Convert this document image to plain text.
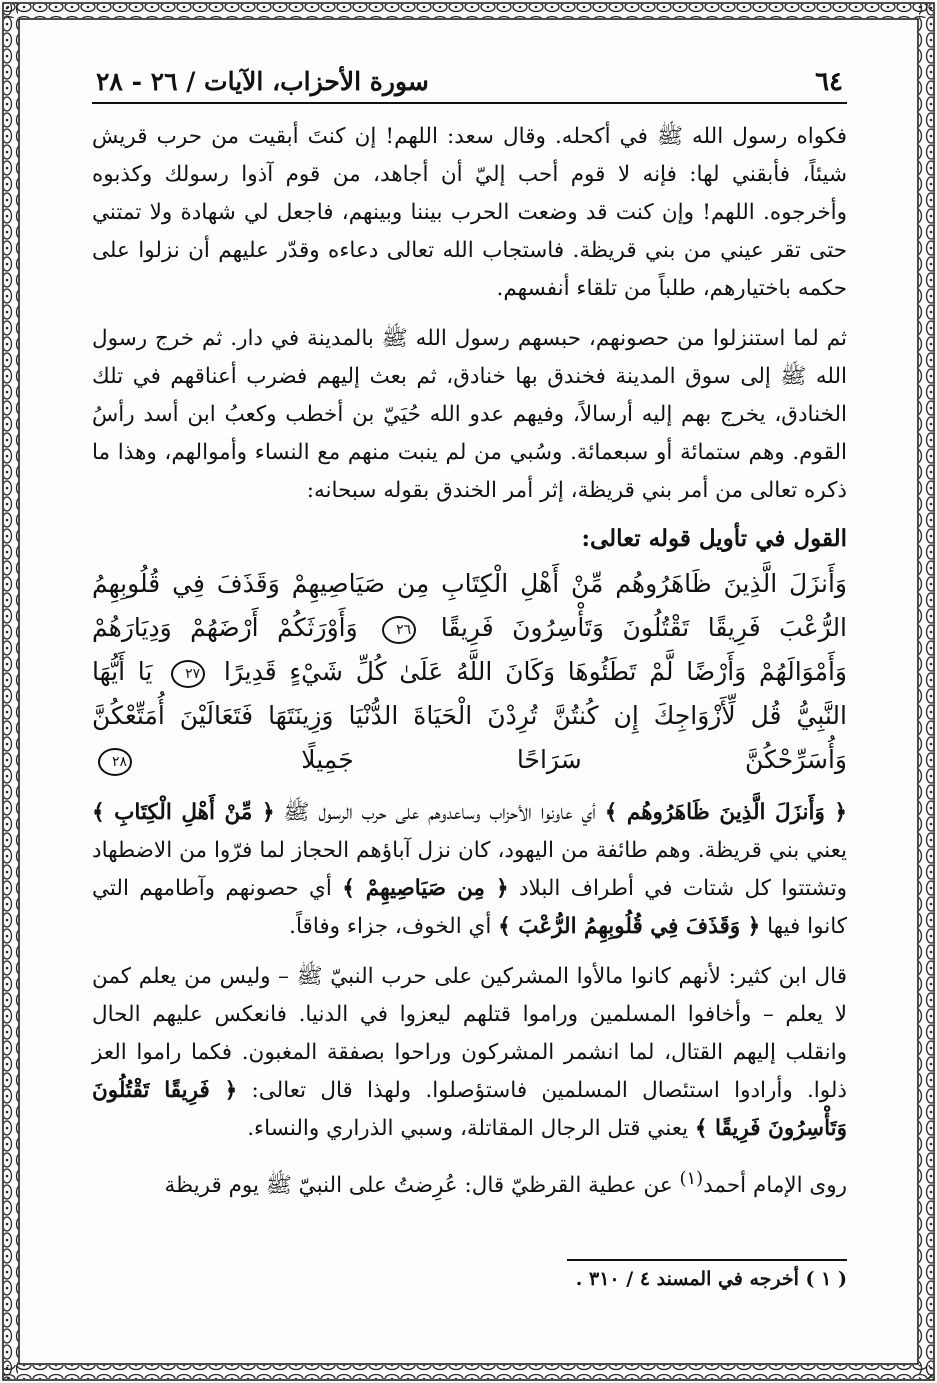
٦٤
سورة الأحزاب، الآيات / ٢٦ - ٢٨

فكواه رسول الله ﷺ في أكحله. وقال سعد: اللهم! إن كنتَ أبقيت من حرب قريش شيئاً، فأبقني لها: فإنه لا قوم أحب إليّ أن أجاهد، من قوم آذوا رسولك وكذبوه وأخرجوه. اللهم! وإن كنت قد وضعت الحرب بيننا وبينهم، فاجعل لي شهادة ولا تمتني حتى تقر عيني من بني قريظة. فاستجاب الله تعالى دعاءه وقدّر عليهم أن نزلوا على حكمه باختيارهم، طلباً من تلقاء أنفسهم.

ثم لما استنزلوا من حصونهم، حبسهم رسول الله ﷺ بالمدينة في دار. ثم خرج رسول الله ﷺ إلى سوق المدينة فخندق بها خنادق، ثم بعث إليهم فضرب أعناقهم في تلك الخنادق، يخرج بهم إليه أرسالاً، وفيهم عدو الله حُيَيّ بن أخطب وكعبُ ابن أسد رأسُ القوم. وهم ستمائة أو سبعمائة. وسُبي من لم ينبت منهم مع النساء وأموالهم، وهذا ما ذكره تعالى من أمر بني قريظة، إثر أمر الخندق بقوله سبحانه:

القول في تأويل قوله تعالى:

وَأَنزَلَ الَّذِينَ ظَاهَرُوهُم مِّنْ أَهْلِ الْكِتَابِ مِن صَيَاصِيهِمْ وَقَذَفَ فِي قُلُوبِهِمُ الرُّعْبَ فَرِيقًا تَقْتُلُونَ وَتَأْسِرُونَ فَرِيقًا ٢٦ وَأَوْرَثَكُمْ أَرْضَهُمْ وَدِيَارَهُمْ وَأَمْوَالَهُمْ وَأَرْضًا لَّمْ تَطَئُوهَا وَكَانَ اللَّهُ عَلَىٰ كُلِّ شَيْءٍ قَدِيرًا ٢٧ يَا أَيُّهَا النَّبِيُّ قُل لِّأَزْوَاجِكَ إِن كُنتُنَّ تُرِدْنَ الْحَيَاةَ الدُّنْيَا وَزِينَتَهَا فَتَعَالَيْنَ أُمَتِّعْكُنَّ وَأُسَرِّحْكُنَّ سَرَاحًا جَمِيلًا ٢٨

﴿ وَأَنزَلَ الَّذِينَ ظَاهَرُوهُم ﴾ أي عاونوا الأحزاب وساعدوهم على حرب الرسول ﷺ ﴿ مِّنْ أَهْلِ الْكِتَابِ ﴾ يعني بني قريظة. وهم طائفة من اليهود، كان نزل آباؤهم الحجاز لما فرّوا من الاضطهاد وتشتتوا كل شتات في أطراف البلاد ﴿ مِن صَيَاصِيهِمْ ﴾ أي حصونهم وآطامهم التي كانوا فيها ﴿ وَقَذَفَ فِي قُلُوبِهِمُ الرُّعْبَ ﴾ أي الخوف، جزاء وفاقاً.

قال ابن كثير: لأنهم كانوا مالأوا المشركين على حرب النبيّ ﷺ – وليس من يعلم كمن لا يعلم – وأخافوا المسلمين وراموا قتلهم ليعزوا في الدنيا. فانعكس عليهم الحال وانقلب إليهم القتال، لما انشمر المشركون وراحوا بصفقة المغبون. فكما راموا العز ذلوا. وأرادوا استئصال المسلمين فاستؤصلوا. ولهذا قال تعالى: ﴿ فَرِيقًا تَقْتُلُونَ وَتَأْسِرُونَ فَرِيقًا ﴾ يعني قتل الرجال المقاتلة، وسبي الذراري والنساء.

روى الإمام أحمد$^{(١)}$ عن عطية القرظيّ قال: عُرِضتُ على النبيّ ﷺ يوم قريظة

( ١ ) أخرجه في المسند ٤ / ٣١٠ .
